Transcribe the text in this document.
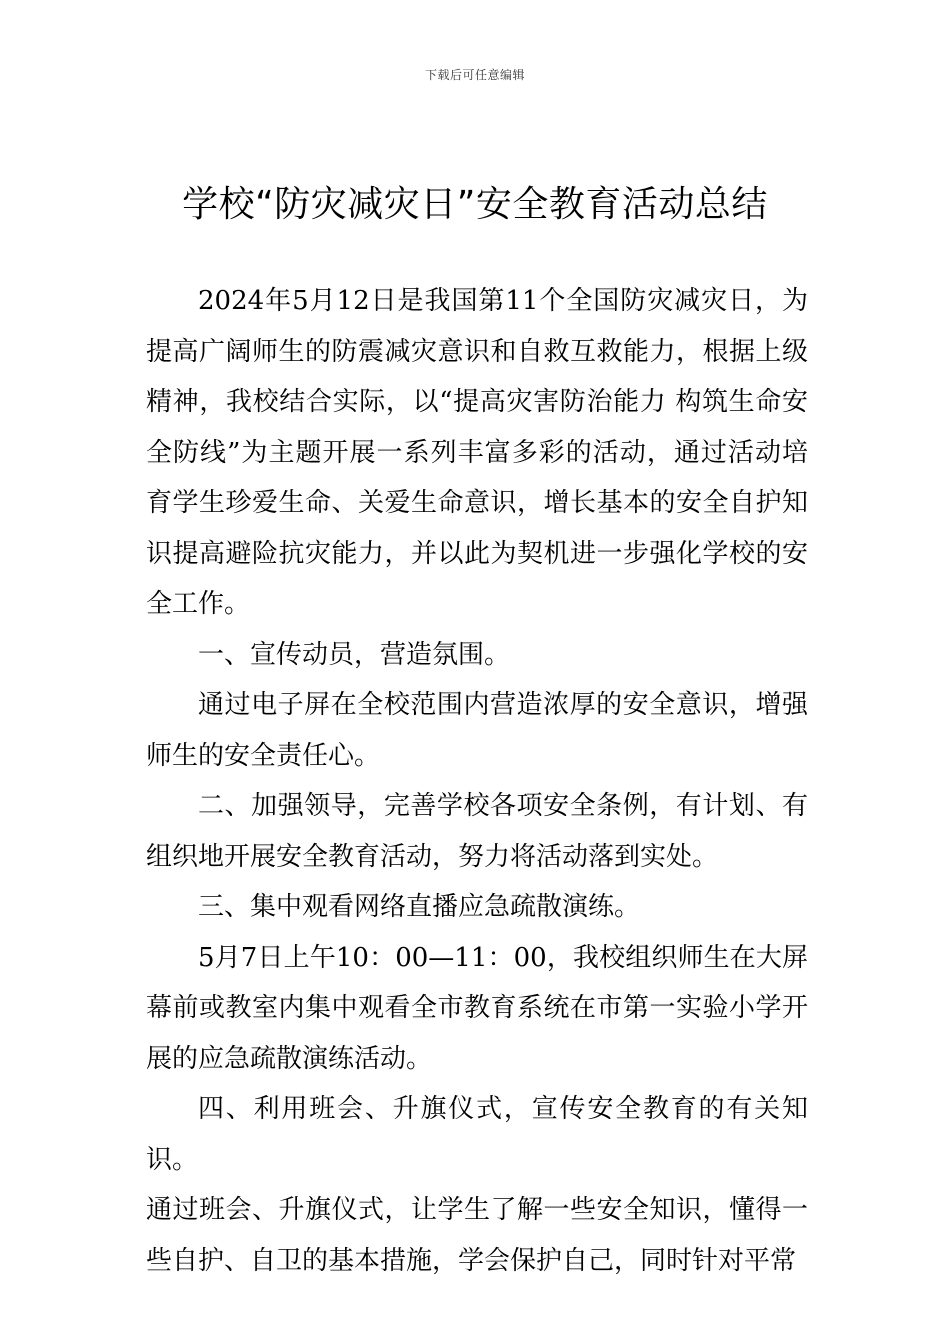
下载后可任意编辑
学校“防灾减灾日”安全教育活动总结

2024年5月12日是我国第11个全国防灾减灾日，为提高广阔师生的防震减灾意识和自救互救能力，根据上级精神，我校结合实际，以“提高灾害防治能力 构筑生命安全防线”为主题开展一系列丰富多彩的活动，通过活动培育学生珍爱生命、关爱生命意识，增长基本的安全自护知识提高避险抗灾能力，并以此为契机进一步强化学校的安全工作。

一、宣传动员，营造氛围。

通过电子屏在全校范围内营造浓厚的安全意识，增强师生的安全责任心。

二、加强领导，完善学校各项安全条例，有计划、有组织地开展安全教育活动，努力将活动落到实处。

三、集中观看网络直播应急疏散演练。

5月7日上午10：00—11：00，我校组织师生在大屏幕前或教室内集中观看全市教育系统在市第一实验小学开展的应急疏散演练活动。

四、利用班会、升旗仪式，宣传安全教育的有关知识。

通过班会、升旗仪式，让学生了解一些安全知识，懂得一些自护、自卫的基本措施，学会保护自己，同时针对平常
